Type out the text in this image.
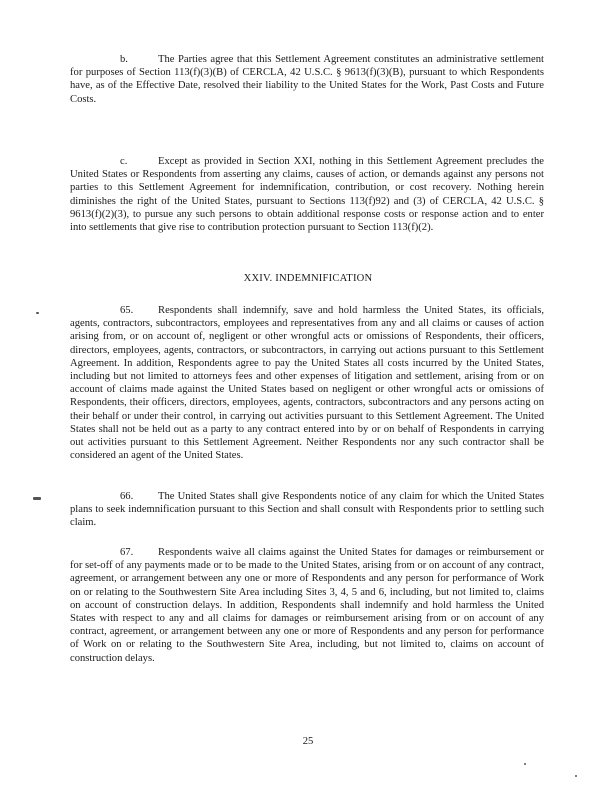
b.	The Parties agree that this Settlement Agreement constitutes an administrative settlement for purposes of Section 113(f)(3)(B) of CERCLA, 42 U.S.C. § 9613(f)(3)(B), pursuant to which Respondents have, as of the Effective Date, resolved their liability to the United States for the Work, Past Costs and Future Costs.

c.	Except as provided in Section XXI, nothing in this Settlement Agreement precludes the United States or Respondents from asserting any claims, causes of action, or demands against any persons not parties to this Settlement Agreement for indemnification, contribution, or cost recovery. Nothing herein diminishes the right of the United States, pursuant to Sections 113(f)92) and (3) of CERCLA, 42 U.S.C. § 9613(f)(2)(3), to pursue any such persons to obtain additional response costs or response action and to enter into settlements that give rise to contribution protection pursuant to Section 113(f)(2).

XXIV. INDEMNIFICATION

65. Respondents shall indemnify, save and hold harmless the United States, its officials, agents, contractors, subcontractors, employees and representatives from any and all claims or causes of action arising from, or on account of, negligent or other wrongful acts or omissions of Respondents, their officers, directors, employees, agents, contractors, or subcontractors, in carrying out actions pursuant to this Settlement Agreement. In addition, Respondents agree to pay the United States all costs incurred by the United States, including but not limited to attorneys fees and other expenses of litigation and settlement, arising from or on account of claims made against the United States based on negligent or other wrongful acts or omissions of Respondents, their officers, directors, employees, agents, contractors, subcontractors and any persons acting on their behalf or under their control, in carrying out activities pursuant to this Settlement Agreement. The United States shall not be held out as a party to any contract entered into by or on behalf of Respondents in carrying out activities pursuant to this Settlement Agreement. Neither Respondents nor any such contractor shall be considered an agent of the United States.

66. The United States shall give Respondents notice of any claim for which the United States plans to seek indemnification pursuant to this Section and shall consult with Respondents prior to settling such claim.

67. Respondents waive all claims against the United States for damages or reimbursement or for set-off of any payments made or to be made to the United States, arising from or on account of any contract, agreement, or arrangement between any one or more of Respondents and any person for performance of Work on or relating to the Southwestern Site Area including Sites 3, 4, 5 and 6, including, but not limited to, claims on account of construction delays. In addition, Respondents shall indemnify and hold harmless the United States with respect to any and all claims for damages or reimbursement arising from or on account of any contract, agreement, or arrangement between any one or more of Respondents and any person for performance of Work on or relating to the Southwestern Site Area, including, but not limited to, claims on account of construction delays.

25
